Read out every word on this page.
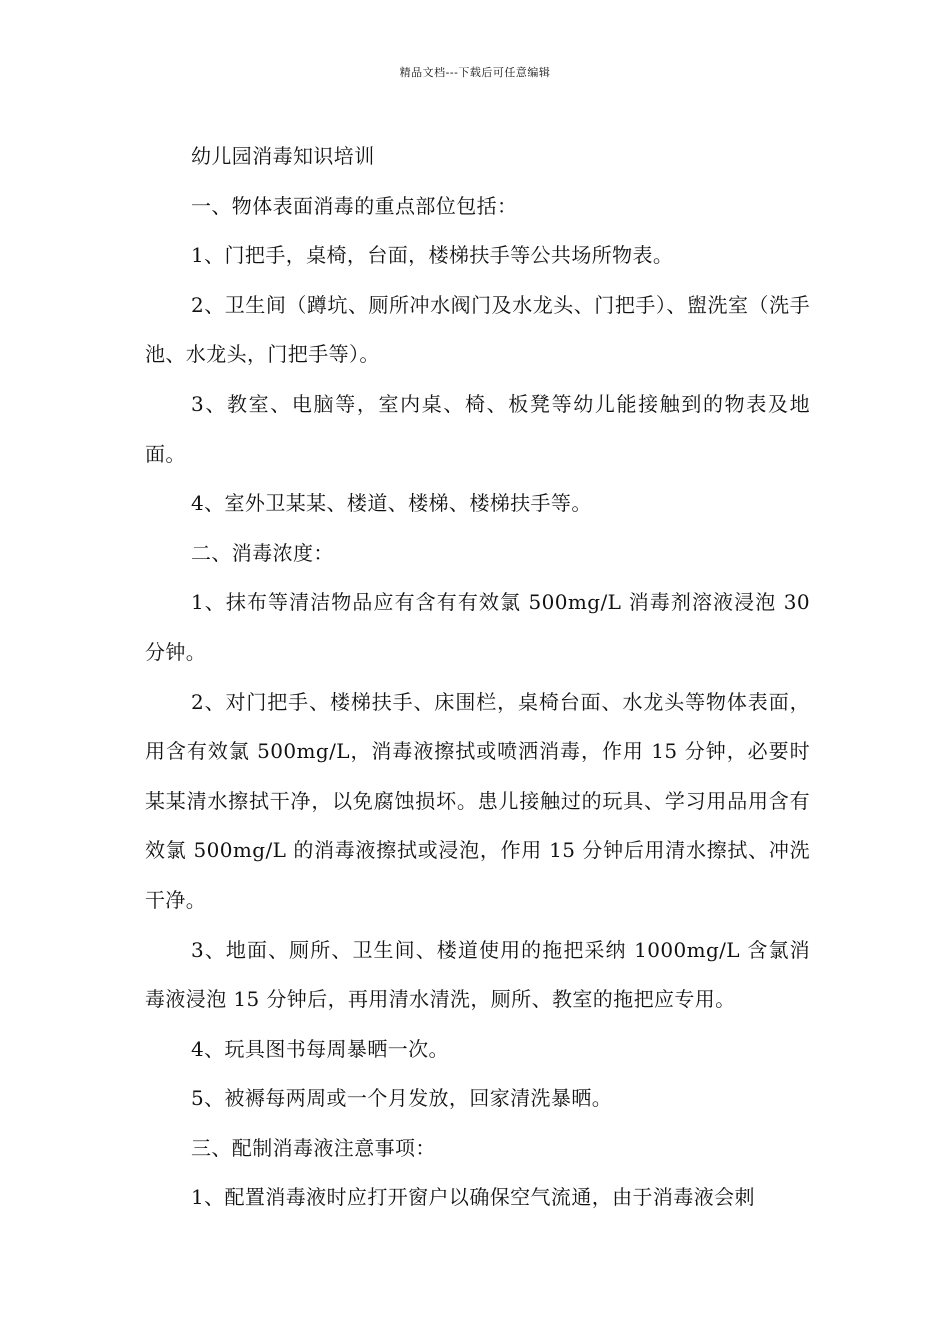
精品文档---下载后可任意编辑

幼儿园消毒知识培训

一、物体表面消毒的重点部位包括：

1、门把手，桌椅，台面，楼梯扶手等公共场所物表。

2、卫生间（蹲坑、厕所冲水阀门及水龙头、门把手）、盥洗室（洗手池、水龙头，门把手等）。

3、教室、电脑等，室内桌、椅、板凳等幼儿能接触到的物表及地面。

4、室外卫某某、楼道、楼梯、楼梯扶手等。

二、消毒浓度：

1、抹布等清洁物品应有含有有效氯 500mg/L 消毒剂溶液浸泡 30 分钟。

2、对门把手、楼梯扶手、床围栏，桌椅台面、水龙头等物体表面，用含有效氯 500mg/L，消毒液擦拭或喷洒消毒，作用 15 分钟，必要时某某清水擦拭干净，以免腐蚀损坏。患儿接触过的玩具、学习用品用含有效氯 500mg/L 的消毒液擦拭或浸泡，作用 15 分钟后用清水擦拭、冲洗干净。

3、地面、厕所、卫生间、楼道使用的拖把采纳 1000mg/L 含氯消毒液浸泡 15 分钟后，再用清水清洗，厕所、教室的拖把应专用。

4、玩具图书每周暴晒一次。

5、被褥每两周或一个月发放，回家清洗暴晒。

三、配制消毒液注意事项：

1、配置消毒液时应打开窗户以确保空气流通，由于消毒液会刺
